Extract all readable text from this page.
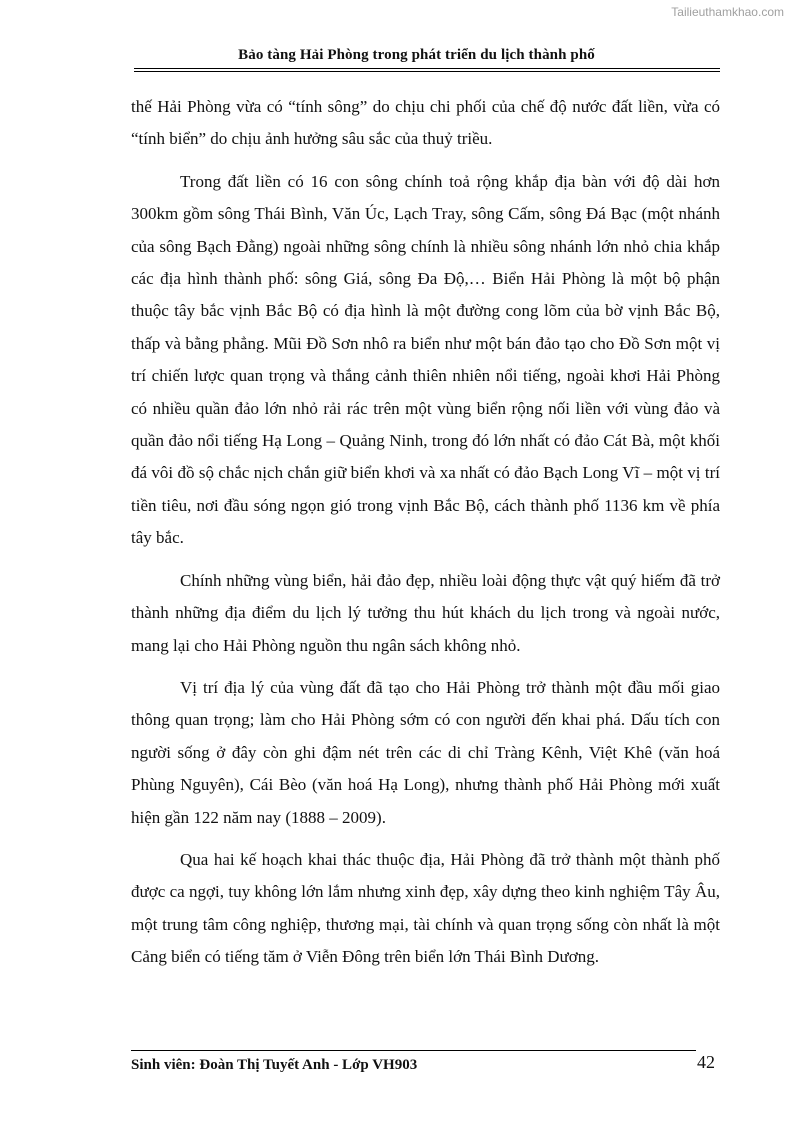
Tailieuthamkhao.com
Bảo tàng Hải Phòng trong phát triển du lịch thành phố

thế Hải Phòng vừa có “tính sông” do chịu chi phối của chế độ nước đất liền, vừa có “tính biển” do chịu ảnh hưởng sâu sắc của thuỷ triều.

Trong đất liền có 16 con sông chính toả rộng khắp địa bàn với độ dài hơn 300km gồm sông Thái Bình, Văn Úc, Lạch Tray, sông Cấm, sông Đá Bạc (một nhánh của sông Bạch Đằng) ngoài những sông chính là nhiều sông nhánh lớn nhỏ chia khắp các địa hình thành phố: sông Giá, sông Đa Độ,… Biển Hải Phòng là một bộ phận thuộc tây bắc vịnh Bắc Bộ có địa hình là một đường cong lõm của bờ vịnh Bắc Bộ, thấp và bằng phẳng. Mũi Đồ Sơn nhô ra biển như một bán đảo tạo cho Đồ Sơn một vị trí chiến lược quan trọng và thắng cảnh thiên nhiên nổi tiếng, ngoài khơi Hải Phòng có nhiều quần đảo lớn nhỏ rải rác trên một vùng biển rộng nối liền với vùng đảo và quần đảo nổi tiếng Hạ Long – Quảng Ninh, trong đó lớn nhất có đảo Cát Bà, một khối đá vôi đồ sộ chắc nịch chắn giữ biển khơi và xa nhất có đảo Bạch Long Vĩ – một vị trí tiền tiêu, nơi đầu sóng ngọn gió trong vịnh Bắc Bộ, cách thành phố 1136 km về phía tây bắc.

Chính những vùng biển, hải đảo đẹp, nhiều loài động thực vật quý hiếm đã trở thành những địa điểm du lịch lý tưởng thu hút khách du lịch trong và ngoài nước, mang lại cho Hải Phòng nguồn thu ngân sách không nhỏ.

Vị trí địa lý của vùng đất đã tạo cho Hải Phòng trở thành một đầu mối giao thông quan trọng; làm cho Hải Phòng sớm có con người đến khai phá. Dấu tích con người sống ở đây còn ghi đậm nét trên các di chỉ Tràng Kênh, Việt Khê (văn hoá Phùng Nguyên), Cái Bèo (văn hoá Hạ Long), nhưng thành phố Hải Phòng mới xuất hiện gần 122 năm nay (1888 – 2009).

Qua hai kế hoạch khai thác thuộc địa, Hải Phòng đã trở thành một thành phố được ca ngợi, tuy không lớn lắm nhưng xinh đẹp, xây dựng theo kinh nghiệm Tây Âu, một trung tâm công nghiệp, thương mại, tài chính và quan trọng sống còn nhất là một Cảng biển có tiếng tăm ở Viễn Đông trên biển lớn Thái Bình Dương.

Sinh viên: Đoàn Thị Tuyết Anh - Lớp VH903	42
